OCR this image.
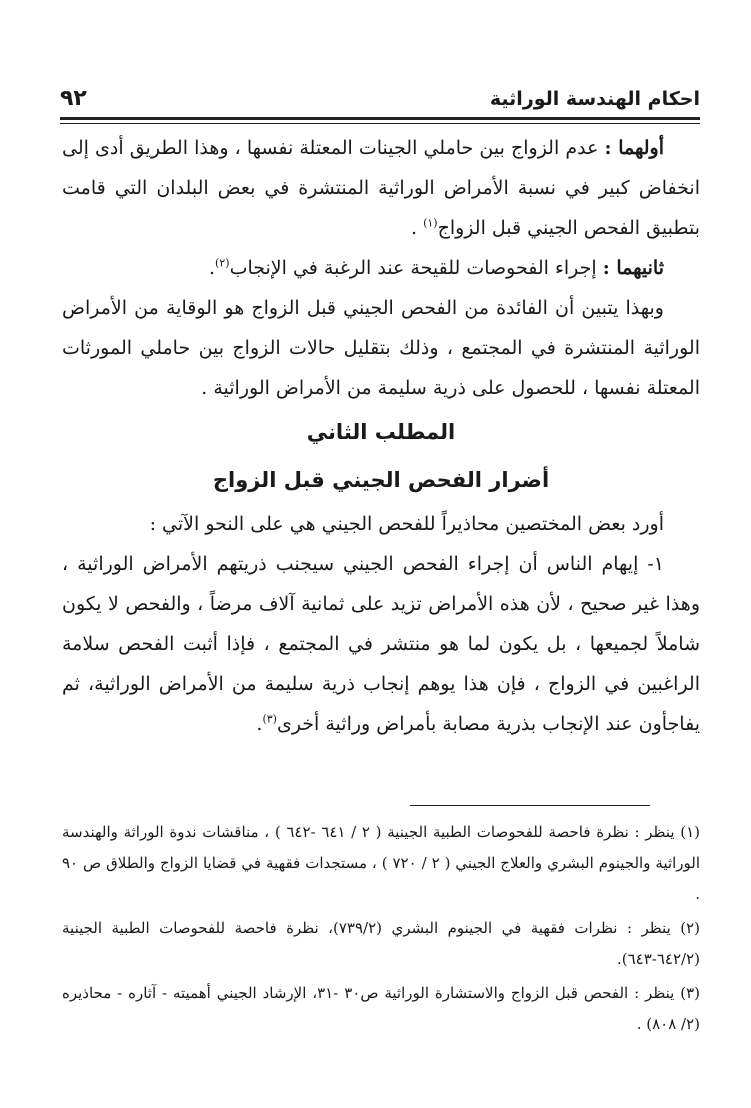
احكام الهندسة الوراثية
٩٢

أولهما : عدم الزواج بين حاملي الجينات المعتلة نفسها ، وهذا الطريق أدى إلى انخفاض كبير في نسبة الأمراض الوراثية المنتشرة في بعض البلدان التي قامت بتطبيق الفحص الجيني قبل الزواج$^{(١)}$ .

ثانيهما : إجراء الفحوصات للقيحة عند الرغبة في الإنجاب$^{(٢)}$.

وبهذا يتبين أن الفائدة من الفحص الجيني قبل الزواج هو الوقاية من الأمراض الوراثية المنتشرة في المجتمع ، وذلك بتقليل حالات الزواج بين حاملي المورثات المعتلة نفسها ، للحصول على ذرية سليمة من الأمراض الوراثية .

المطلب الثاني
أضرار الفحص الجيني قبل الزواج

أورد بعض المختصين محاذيراً للفحص الجيني هي على النحو الآتي :

١- إيهام الناس أن إجراء الفحص الجيني سيجنب ذريتهم الأمراض الوراثية ، وهذا غير صحيح ، لأن هذه الأمراض تزيد على ثمانية آلاف مرضاً ، والفحص لا يكون شاملاً لجميعها ، بل يكون لما هو منتشر في المجتمع ، فإذا أثبت الفحص سلامة الراغبين في الزواج ، فإن هذا يوهم إنجاب ذرية سليمة من الأمراض الوراثية، ثم يفاجأون عند الإنجاب بذرية مصابة بأمراض وراثية أخرى$^{(٣)}$.

(١) ينظر : نظرة فاحصة للفحوصات الطبية الجينية ( ٢ / ٦٤١ -٦٤٢ ) ، مناقشات ندوة الوراثة والهندسة الوراثية والجينوم البشري والعلاج الجيني ( ٢ / ٧٢٠ ) ، مستجدات فقهية في قضايا الزواج والطلاق ص ٩٠ .

(٢) ينظر : نظرات فقهية في الجينوم البشري (٧٣٩/٢)، نظرة فاحصة للفحوصات الطبية الجينية (٦٤٢/٢-٦٤٣).

(٣) ينظر : الفحص قبل الزواج والاستشارة الوراثية ص٣٠ -٣١، الإرشاد الجيني أهميته - آثاره - محاذيره (٢/ ٨٠٨) .
